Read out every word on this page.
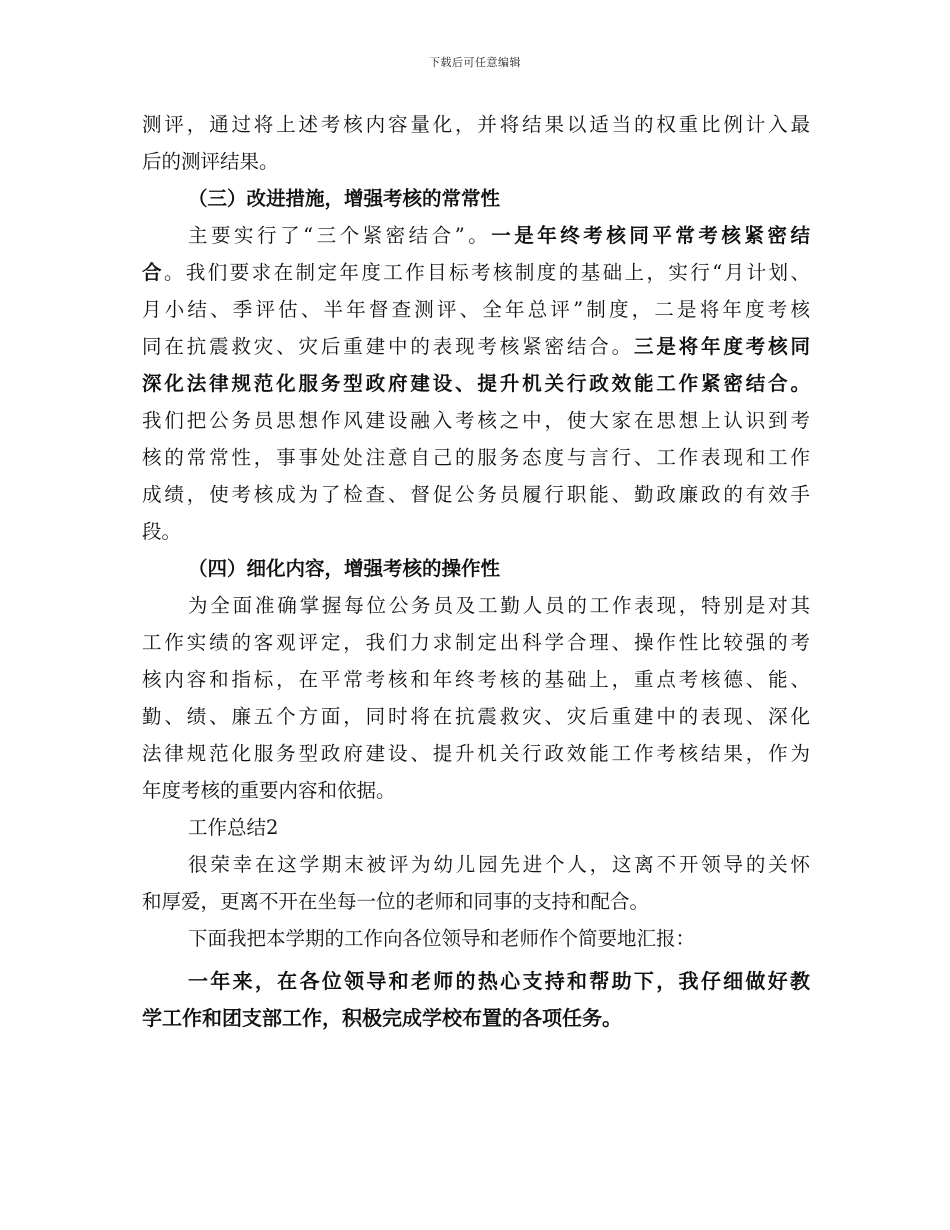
下载后可任意编辑
测评，通过将上述考核内容量化，并将结果以适当的权重比例计入最
后的测评结果。
（三）改进措施，增强考核的常常性
主要实行了“三个紧密结合”。一是年终考核同平常考核紧密结
合。我们要求在制定年度工作目标考核制度的基础上，实行“月计划、
月小结、季评估、半年督查测评、全年总评”制度，二是将年度考核
同在抗震救灾、灾后重建中的表现考核紧密结合。三是将年度考核同
深化法律规范化服务型政府建设、提升机关行政效能工作紧密结合。
我们把公务员思想作风建设融入考核之中，使大家在思想上认识到考
核的常常性，事事处处注意自己的服务态度与言行、工作表现和工作
成绩，使考核成为了检查、督促公务员履行职能、勤政廉政的有效手
段。
（四）细化内容，增强考核的操作性
为全面准确掌握每位公务员及工勤人员的工作表现，特别是对其
工作实绩的客观评定，我们力求制定出科学合理、操作性比较强的考
核内容和指标，在平常考核和年终考核的基础上，重点考核德、能、
勤、绩、廉五个方面，同时将在抗震救灾、灾后重建中的表现、深化
法律规范化服务型政府建设、提升机关行政效能工作考核结果，作为
年度考核的重要内容和依据。
工作总结2
很荣幸在这学期末被评为幼儿园先进个人，这离不开领导的关怀
和厚爱，更离不开在坐每一位的老师和同事的支持和配合。
下面我把本学期的工作向各位领导和老师作个简要地汇报：
一年来，在各位领导和老师的热心支持和帮助下，我仔细做好教
学工作和团支部工作，积极完成学校布置的各项任务。
